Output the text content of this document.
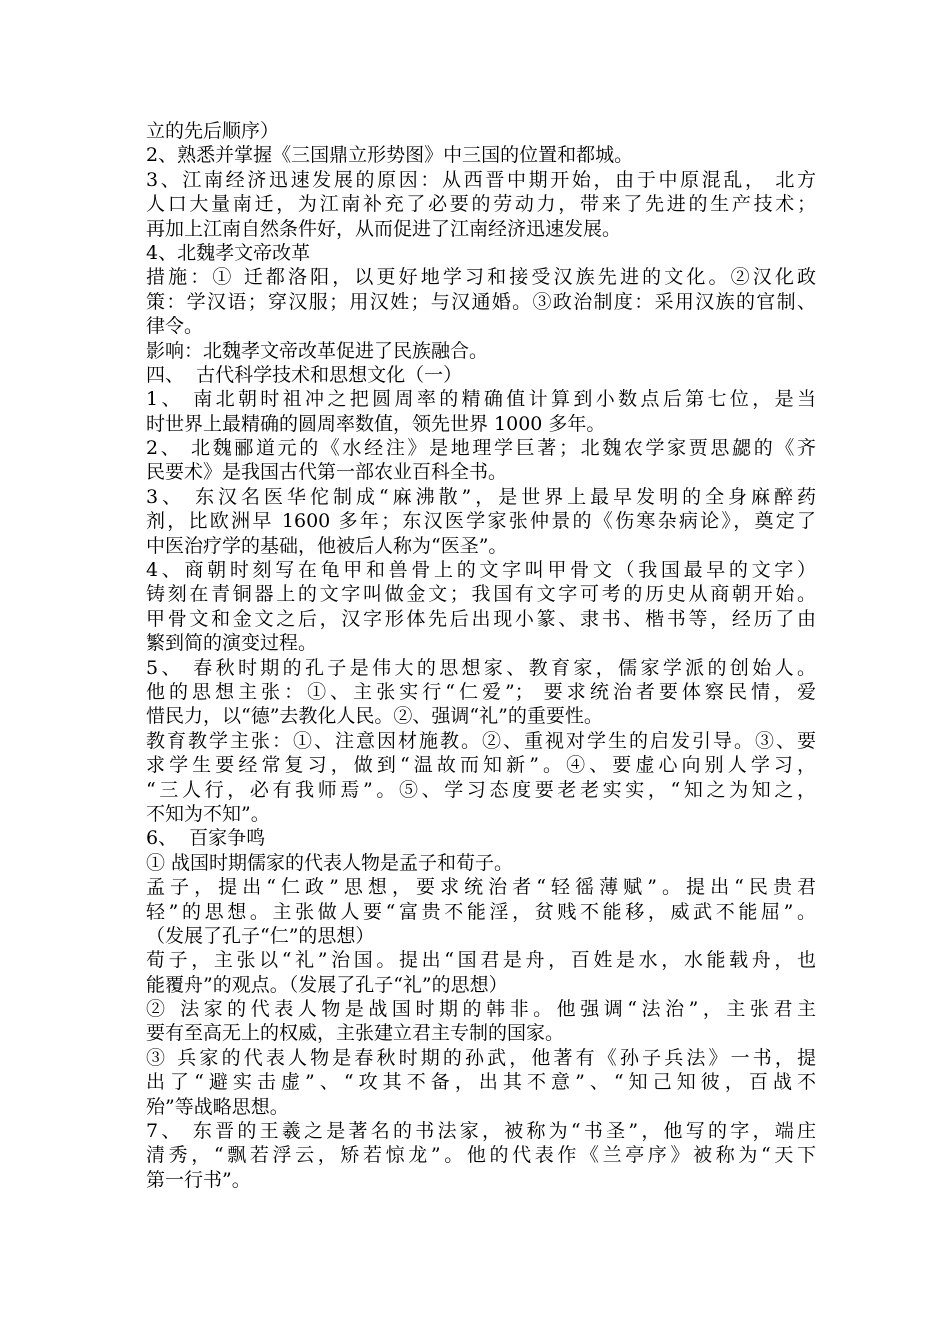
立的先后顺序）
2、熟悉并掌握《三国鼎立形势图》中三国的位置和都城。
3、江南经济迅速发展的原因：从西晋中期开始，由于中原混乱， 北方
人口大量南迁，为江南补充了必要的劳动力，带来了先进的生产技术；
再加上江南自然条件好，从而促进了江南经济迅速发展。
4、北魏孝文帝改革
措施：① 迁都洛阳，以更好地学习和接受汉族先进的文化。②汉化政
策：学汉语；穿汉服；用汉姓；与汉通婚。③政治制度：采用汉族的官制、
律令。
影响：北魏孝文帝改革促进了民族融合。
四、  古代科学技术和思想文化（一）
1、 南北朝时祖冲之把圆周率的精确值计算到小数点后第七位，是当
时世界上最精确的圆周率数值，领先世界 1000 多年。
2、 北魏郦道元的《水经注》是地理学巨著；北魏农学家贾思勰的《齐
民要术》是我国古代第一部农业百科全书。
3、 东汉名医华佗制成“麻沸散”，是世界上最早发明的全身麻醉药
剂，比欧洲早 1600 多年；东汉医学家张仲景的《伤寒杂病论》，奠定了
中医治疗学的基础，他被后人称为“医圣”。
4、商朝时刻写在龟甲和兽骨上的文字叫甲骨文（我国最早的文字）
铸刻在青铜器上的文字叫做金文；我国有文字可考的历史从商朝开始。
甲骨文和金文之后，汉字形体先后出现小篆、隶书、楷书等，经历了由
繁到简的演变过程。
5、 春秋时期的孔子是伟大的思想家、教育家，儒家学派的创始人。
他的思想主张：①、主张实行“仁爱”； 要求统治者要体察民情，爱
惜民力，以“德”去教化人民。②、强调“礼”的重要性。
教育教学主张：①、注意因材施教。②、重视对学生的启发引导。③、要
求学生要经常复习，做到“温故而知新”。④、要虚心向别人学习，
“三人行，必有我师焉”。⑤、学习态度要老老实实，“知之为知之，
不知为不知”。
6、  百家争鸣
① 战国时期儒家的代表人物是孟子和荀子。
孟子，提出“仁政”思想，要求统治者“轻徭薄赋”。提出“民贵君
轻”的思想。主张做人要“富贵不能淫，贫贱不能移，威武不能屈”。
（发展了孔子“仁”的思想）
荀子，主张以“礼”治国。提出“国君是舟，百姓是水，水能载舟，也
能覆舟”的观点。（发展了孔子“礼”的思想）
② 法家的代表人物是战国时期的韩非。他强调“法治”，主张君主
要有至高无上的权威，主张建立君主专制的国家。
③ 兵家的代表人物是春秋时期的孙武，他著有《孙子兵法》一书，提
出了“避实击虚”、“攻其不备，出其不意”、“知己知彼，百战不
殆”等战略思想。
7、 东晋的王羲之是著名的书法家，被称为“书圣”，他写的字，端庄
清秀，“飘若浮云，矫若惊龙”。他的代表作《兰亭序》被称为“天下
第一行书”。
